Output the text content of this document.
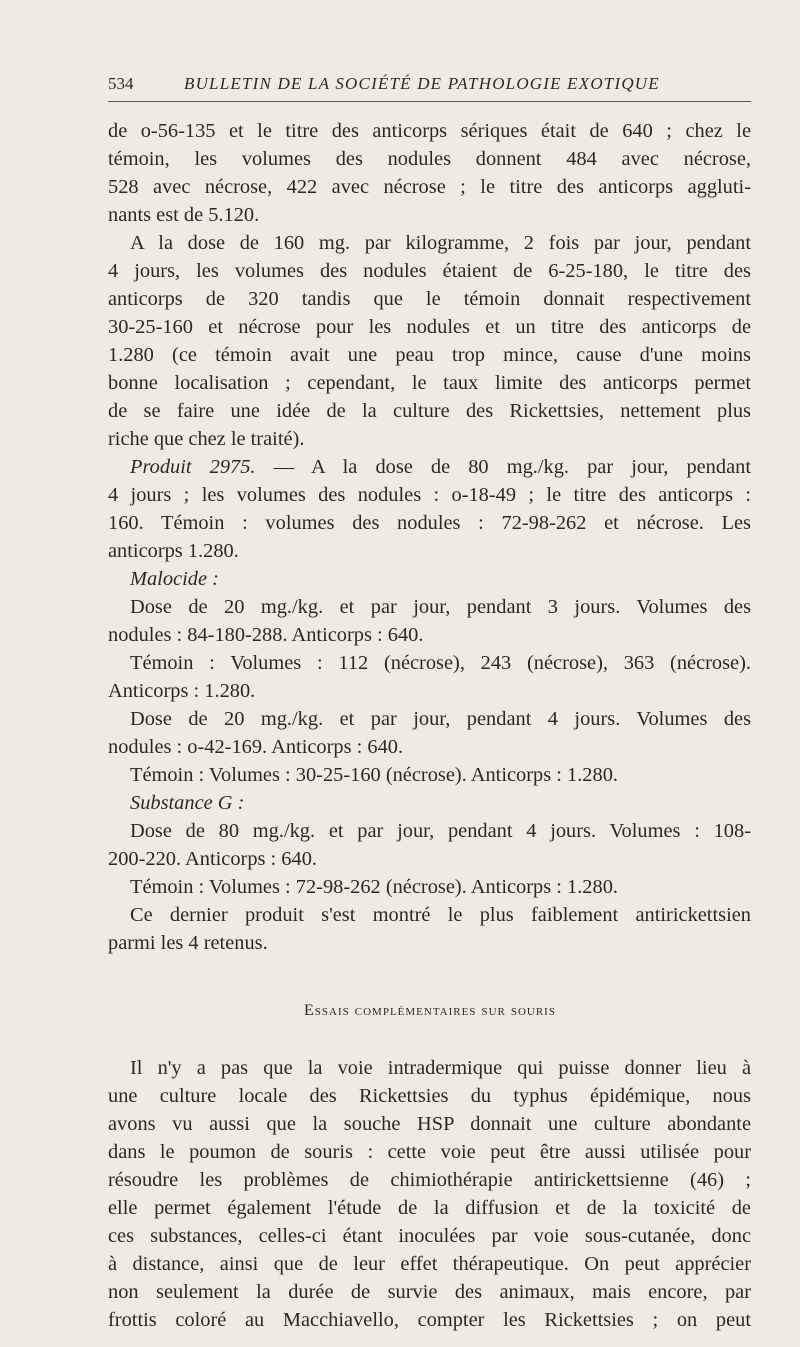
534	BULLETIN DE LA SOCIÉTÉ DE PATHOLOGIE EXOTIQUE
de o-56-135 et le titre des anticorps sériques était de 640 ; chez le
témoin, les volumes des nodules donnent 484 avec nécrose,
528 avec nécrose, 422 avec nécrose ; le titre des anticorps aggluti-
nants est de 5.120.
A la dose de 160 mg. par kilogramme, 2 fois par jour, pendant
4 jours, les volumes des nodules étaient de 6-25-180, le titre des
anticorps de 320 tandis que le témoin donnait respectivement
30-25-160 et nécrose pour les nodules et un titre des anticorps de
1.280 (ce témoin avait une peau trop mince, cause d'une moins
bonne localisation ; cependant, le taux limite des anticorps permet
de se faire une idée de la culture des Rickettsies, nettement plus
riche que chez le traité).
Produit 2975. — A la dose de 80 mg./kg. par jour, pendant
4 jours ; les volumes des nodules : o-18-49 ; le titre des anticorps :
160. Témoin : volumes des nodules : 72-98-262 et nécrose. Les
anticorps 1.280.
Malocide :
Dose de 20 mg./kg. et par jour, pendant 3 jours. Volumes des
nodules : 84-180-288. Anticorps : 640.
Témoin : Volumes : 112 (nécrose), 243 (nécrose), 363 (nécrose).
Anticorps : 1.280.
Dose de 20 mg./kg. et par jour, pendant 4 jours. Volumes des
nodules : o-42-169. Anticorps : 640.
Témoin : Volumes : 30-25-160 (nécrose). Anticorps : 1.280.
Substance G :
Dose de 80 mg./kg. et par jour, pendant 4 jours. Volumes : 108-
200-220. Anticorps : 640.
Témoin : Volumes : 72-98-262 (nécrose). Anticorps : 1.280.
Ce dernier produit s'est montré le plus faiblement antirickettsien
parmi les 4 retenus.
Essais complémentaires sur souris
Il n'y a pas que la voie intradermique qui puisse donner lieu à
une culture locale des Rickettsies du typhus épidémique, nous
avons vu aussi que la souche HSP donnait une culture abondante
dans le poumon de souris : cette voie peut être aussi utilisée pour
résoudre les problèmes de chimiothérapie antirickettsienne (46) ;
elle permet également l'étude de la diffusion et de la toxicité de
ces substances, celles-ci étant inoculées par voie sous-cutanée, donc
à distance, ainsi que de leur effet thérapeutique. On peut apprécier
non seulement la durée de survie des animaux, mais encore, par
frottis coloré au Macchiavello, compter les Rickettsies ; on peut
